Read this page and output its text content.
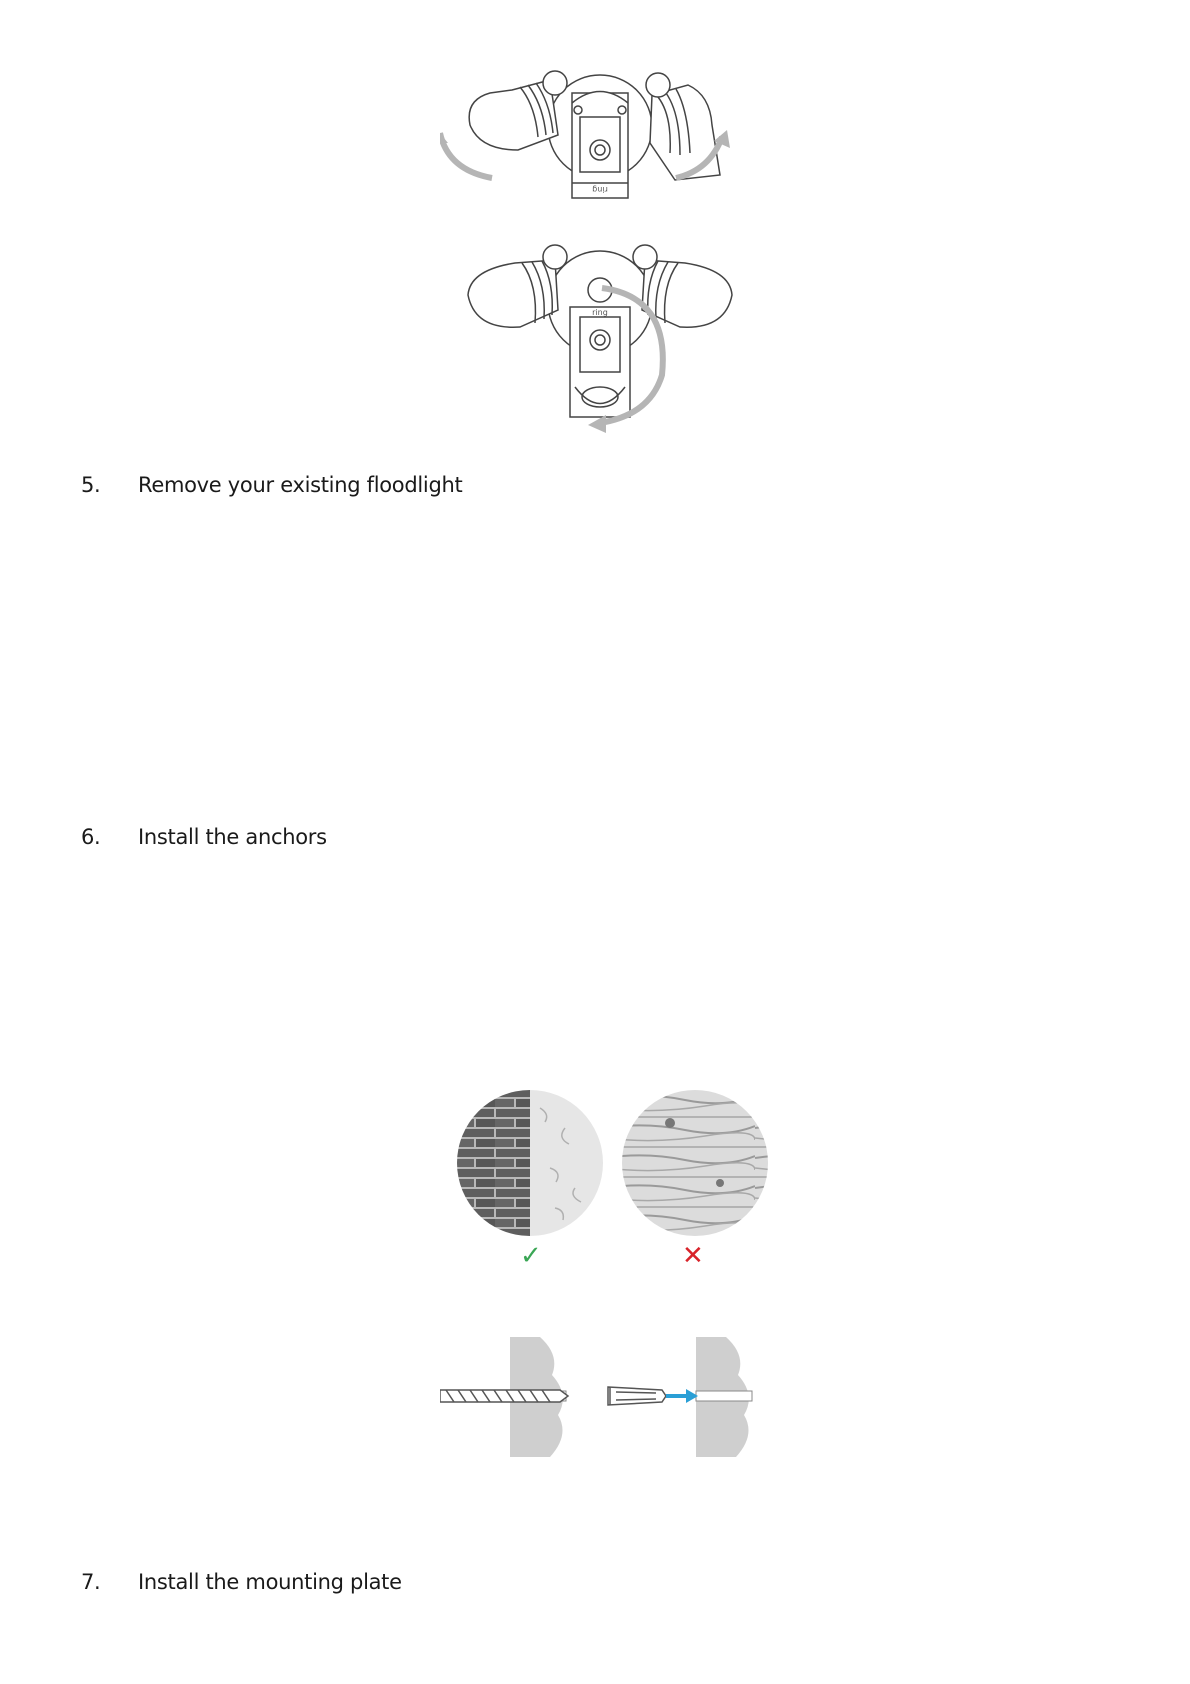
ring
ring
5. Remove your existing floodlight
6. Install the anchors
✓	✕
7. Install the mounting plate
